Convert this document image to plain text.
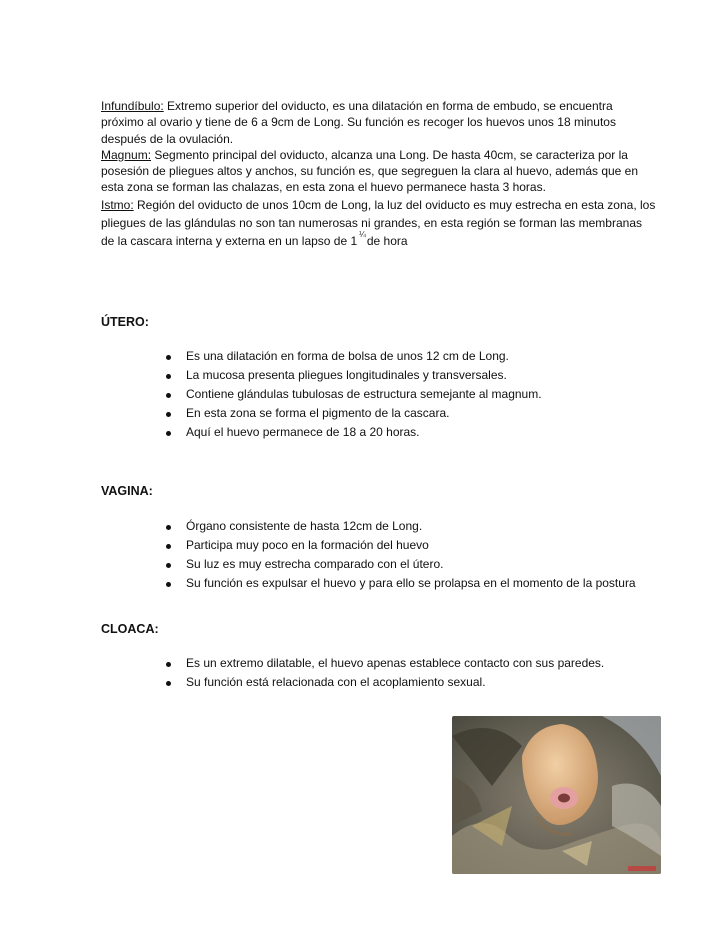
Infundíbulo: Extremo superior del oviducto, es una dilatación en forma de embudo, se encuentra próximo al ovario y tiene de 6 a 9cm de Long. Su función es recoger los huevos unos 18 minutos después de la ovulación.

Magnum: Segmento principal del oviducto, alcanza una Long. De hasta 40cm, se caracteriza por la posesión de pliegues altos y anchos, su función es, que segreguen la clara al huevo, además que en esta zona se forman las chalazas, en esta zona el huevo permanece hasta 3 horas.

Istmo: Región del oviducto de unos 10cm de Long, la luz del oviducto es muy estrecha en esta zona, los pliegues de las glándulas no son tan numerosas ni grandes, en esta región se forman las membranas de la cascara interna y externa en un lapso de 1 $^{\frac{1}{4}}$de hora

ÚTERO:
Es una dilatación en forma de bolsa de unos 12 cm de Long.
La mucosa presenta pliegues longitudinales y transversales.
Contiene glándulas tubulosas de estructura semejante al magnum.
En esta zona se forma el pigmento de la cascara.
Aquí el huevo permanece de 18 a 20 horas.
VAGINA:
Órgano consistente de hasta 12cm de Long.
Participa muy poco en la formación del huevo
Su luz es muy estrecha comparado con el útero.
Su función es expulsar el huevo y para ello se prolapsa en el momento de la postura
CLOACA:
Es un extremo dilatable, el huevo apenas establece contacto con sus paredes.
Su función está relacionada con el acoplamiento sexual.
